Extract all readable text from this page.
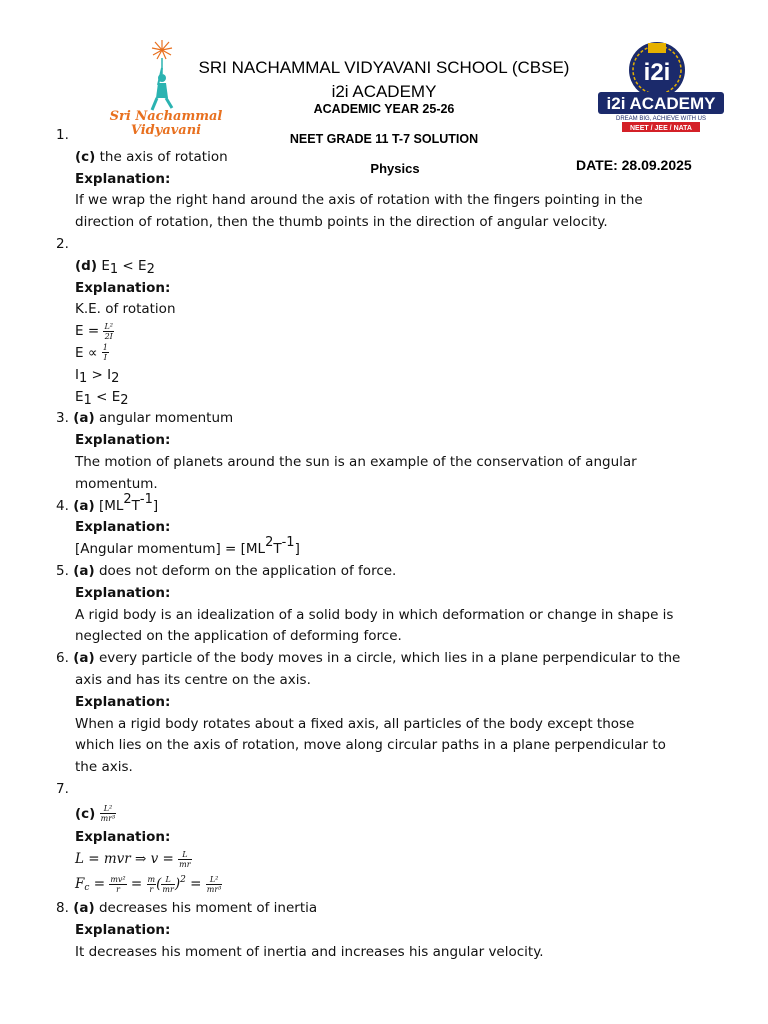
Sri Nachammal
Vidyavani
i2i
i2i ACADEMY
DREAM BIG, ACHIEVE WITH US
NEET / JEE / NATA
SRI NACHAMMAL VIDYAVANI SCHOOL (CBSE)
i2i ACADEMY
ACADEMIC YEAR 25-26
NEET GRADE 11 T-7 SOLUTION
Physics	DATE: 28.09.2025
1.
(c) the axis of rotation
Explanation:
If we wrap the right hand around the axis of rotation with the fingers pointing in the
direction of rotation, then the thumb points in the direction of angular velocity.
2.
(d) $E_1 < E_2$
Explanation:
K.E. of rotation
$E = \frac{\text{L²}}{2I}$
$E \propto \frac{1}{I}$
$I_1 > I_2$
$E_1 < E_2$
3. (a) angular momentum
Explanation:
The motion of planets around the sun is an example of the conservation of angular
momentum.
4. (a) $[ML^2T^{-1}]$
Explanation:
[Angular momentum] = $[ML^2T^{-1}]$
5. (a) does not deform on the application of force.
Explanation:
A rigid body is an idealization of a solid body in which deformation or change in shape is
neglected on the application of deforming force.
6. (a) every particle of the body moves in a circle, which lies in a plane perpendicular to the
axis and has its centre on the axis.
Explanation:
When a rigid body rotates about a fixed axis, all particles of the body except those
which lies on the axis of rotation, move along circular paths in a plane perpendicular to
the axis.
7.
$(c) \frac{\text{L²}}{\text{mr³}}$
Explanation:
L = mvr ⇒ $v = \frac{L}{mr}$
$F_c = \frac{\text{mv²}}{r} = \frac{m}{r}$ ( $\frac{L}{mr} )^2 = \frac{\text{L²}}{\text{mr³}}$
8. (a) decreases his moment of inertia
Explanation:
It decreases his moment of inertia and increases his angular velocity.
